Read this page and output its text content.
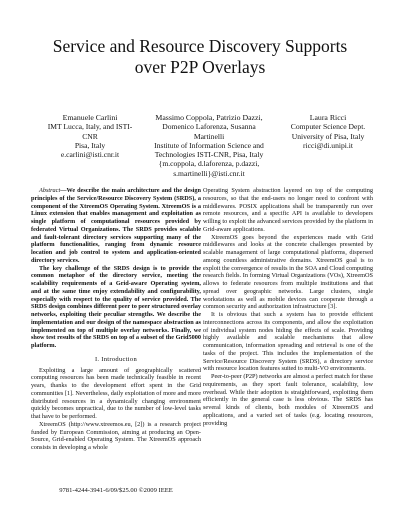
Service and Resource Discovery Supports
over P2P Overlays
Emanuele Carlini
IMT Lucca, Italy, and ISTI-CNR
Pisa, Italy
e.carlini@isti.cnr.it
Massimo Coppola, Patrizio Dazzi,
Domenico Laforenza, Susanna Martinelli
Institute of Information Science and
Technologies ISTI-CNR, Pisa, Italy
{m.coppola, d.laforenza, p.dazzi,
s.martinelli}@isti.cnr.it
Laura Ricci
Computer Science Dept.
University of Pisa, Italy
ricci@di.unipi.it

Abstract—We describe the main architecture and the design principles of the Service/Resource Discovery System (SRDS), a component of the XtreemOS Operating System. XtreemOS is a Linux extension that enables management and exploitation as single platform of computational resources provided by federated Virtual Organizations. The SRDS provides scalable and fault-tolerant directory services supporting many of the platform functionalities, ranging from dynamic resource location and job control to system and application-oriented directory services.

The key challenge of the SRDS design is to provide the common metaphor of the directory service, meeting the scalability requirements of a Grid-aware Operating system, and at the same time enjoy extendability and configurability, especially with respect to the quality of service provided. The SRDS design combines different peer to peer structured overlay networks, exploiting their peculiar strengths. We describe the implementation and our design of the namespace abstraction as implemented on top of multiple overlay networks. Finally, we show test results of the SRDS on top of a subset of the Grid5000 platform.

I. Introduction

Exploiting a large amount of geographically scattered computing resources has been made technically feasible in recent years, thanks to the development effort spent in the Grid communities [1]. Nevertheless, daily exploitation of more and more distributed resources in a dynamically changing environment quickly becomes unpractical, due to the number of low-level tasks that have to be performed.

XtreemOS (http://www.xtreemos.eu, [2]) is a research project funded by European Commission, aiming at producing an Open-Source, Grid-enabled Operating System. The XtreemOS approach consists in developing a whole

9781-4244-3941-6/09/$25.00 ©2009 IEEE

Operating System abstraction layered on top of the computing resources, so that the end-users no longer need to confront with middlewares. POSIX applications shall be transparently run over remote resources, and a specific API is available to developers willing to exploit the advanced services provided by the platform in Grid-aware applications.

XtreemOS goes beyond the experiences made with Grid middlewares and looks at the concrete challenges presented by scalable management of large computational platforms, dispersed among countless administrative domains. XtreemOS goal is to exploit the convergence of results in the SOA and Cloud computing research fields. In forming Virtual Organizations (VOs), XtreemOS allows to federate resources from multiple institutions and that spread over geographic networks. Large clusters, single workstations as well as mobile devices can cooperate through a common security and authorization infrastructure [3].

It is obvious that such a system has to provide efficient interconnections across its components, and allow the exploitation of individual system nodes hiding the effects of scale. Providing highly available and scalable mechanisms that allow communication, information spreading and retrieval is one of the tasks of the project. This includes the implementation of the Service/Resource Discovery System (SRDS), a directory service with resource location features suited to multi-VO environments.

Peer-to-peer (P2P) networks are almost a perfect match for these requirements, as they sport fault tolerance, scalability, low overhead. While their adoption is straightforward, exploiting them efficiently in the general case is less obvious. The SRDS has several kinds of clients, both modules of XtreemOS and applications, and a varied set of tasks (e.g. locating resources, providing
